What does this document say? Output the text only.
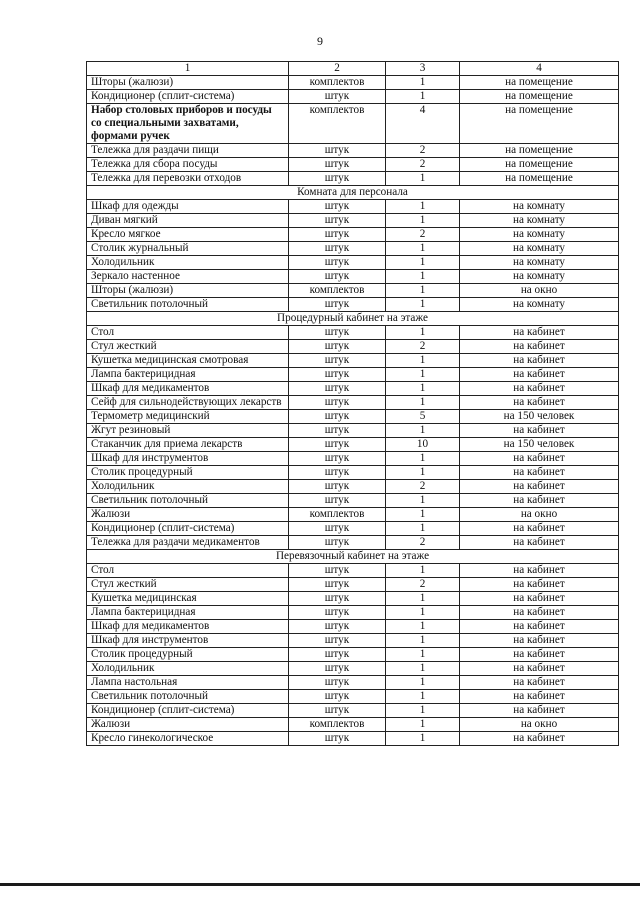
9
1	2	3	4
Шторы (жалюзи)	комплектов	1	на помещение
Кондиционер (сплит-система)	штук	1	на помещение
Набор столовых приборов и посуды со специальными захватами, формами ручек	комплектов	4	на помещение
Тележка для раздачи пищи	штук	2	на помещение
Тележка для сбора посуды	штук	2	на помещение
Тележка для перевозки отходов	штук	1	на помещение
Комната для персонала			
Шкаф для одежды	штук	1	на комнату
Диван мягкий	штук	1	на комнату
Кресло мягкое	штук	2	на комнату
Столик журнальный	штук	1	на комнату
Холодильник	штук	1	на комнату
Зеркало настенное	штук	1	на комнату
Шторы (жалюзи)	комплектов	1	на окно
Светильник потолочный	штук	1	на комнату
Процедурный кабинет на этаже			
Стол	штук	1	на кабинет
Стул жесткий	штук	2	на кабинет
Кушетка медицинская смотровая	штук	1	на кабинет
Лампа бактерицидная	штук	1	на кабинет
Шкаф для медикаментов	штук	1	на кабинет
Сейф для сильнодействующих лекарств	штук	1	на кабинет
Термометр медицинский	штук	5	на 150 человек
Жгут резиновый	штук	1	на кабинет
Стаканчик для приема лекарств	штук	10	на 150 человек
Шкаф для инструментов	штук	1	на кабинет
Столик процедурный	штук	1	на кабинет
Холодильник	штук	2	на кабинет
Светильник потолочный	штук	1	на кабинет
Жалюзи	комплектов	1	на окно
Кондиционер (сплит-система)	штук	1	на кабинет
Тележка для раздачи медикаментов	штук	2	на кабинет
Перевязочный кабинет на этаже			
Стол	штук	1	на кабинет
Стул жесткий	штук	2	на кабинет
Кушетка медицинская	штук	1	на кабинет
Лампа бактерицидная	штук	1	на кабинет
Шкаф для медикаментов	штук	1	на кабинет
Шкаф для инструментов	штук	1	на кабинет
Столик процедурный	штук	1	на кабинет
Холодильник	штук	1	на кабинет
Лампа настольная	штук	1	на кабинет
Светильник потолочный	штук	1	на кабинет
Кондиционер (сплит-система)	штук	1	на кабинет
Жалюзи	комплектов	1	на окно
Кресло гинекологическое	штук	1	на кабинет
